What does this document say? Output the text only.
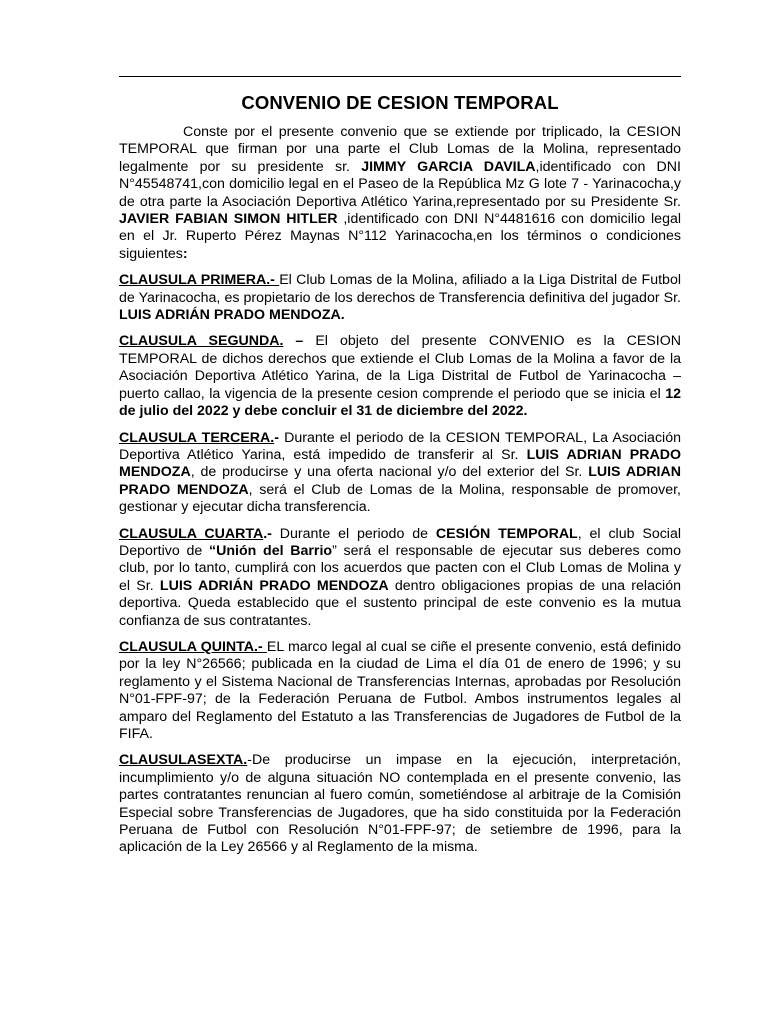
CONVENIO DE CESION TEMPORAL

Conste por el presente convenio que se extiende por triplicado, la CESION TEMPORAL que firman por una parte el Club Lomas de la Molina, representado legalmente por su presidente sr. JIMMY GARCIA DAVILA,identificado con DNI N°45548741,con domicilio legal en el Paseo de la República Mz G lote 7 - Yarinacocha,y de otra parte la Asociación Deportiva Atlético Yarina,representado por su Presidente Sr. JAVIER FABIAN SIMON HITLER ,identificado con DNI N°4481616 con domicilio legal en el Jr. Ruperto Pérez Maynas N°112 Yarinacocha,en los términos o condiciones siguientes:

CLAUSULA PRIMERA.- El Club Lomas de la Molina, afiliado a la Liga Distrital de Futbol de Yarinacocha, es propietario de los derechos de Transferencia definitiva del jugador Sr. LUIS ADRIÁN PRADO MENDOZA.

CLAUSULA SEGUNDA. – El objeto del presente CONVENIO es la CESION TEMPORAL de dichos derechos que extiende el Club Lomas de la Molina a favor de la Asociación Deportiva Atlético Yarina, de la Liga Distrital de Futbol de Yarinacocha – puerto callao, la vigencia de la presente cesion comprende el periodo que se inicia el 12 de julio del 2022 y debe concluir el 31 de diciembre del 2022.

CLAUSULA TERCERA.- Durante el periodo de la CESION TEMPORAL, La Asociación Deportiva Atlético Yarina, está impedido de transferir al Sr. LUIS ADRIAN PRADO MENDOZA, de producirse y una oferta nacional y/o del exterior del Sr. LUIS ADRIAN PRADO MENDOZA, será el Club de Lomas de la Molina, responsable de promover, gestionar y ejecutar dicha transferencia.

CLAUSULA CUARTA.- Durante el periodo de CESIÓN TEMPORAL, el club Social Deportivo de “Unión del Barrio” será el responsable de ejecutar sus deberes como club, por lo tanto, cumplirá con los acuerdos que pacten con el Club Lomas de Molina y el Sr. LUIS ADRIÁN PRADO MENDOZA dentro obligaciones propias de una relación deportiva. Queda establecido que el sustento principal de este convenio es la mutua confianza de sus contratantes.

CLAUSULA QUINTA.- EL marco legal al cual se ciñe el presente convenio, está definido por la ley N°26566; publicada en la ciudad de Lima el día 01 de enero de 1996; y su reglamento y el Sistema Nacional de Transferencias Internas, aprobadas por Resolución N°01-FPF-97; de la Federación Peruana de Futbol. Ambos instrumentos legales al amparo del Reglamento del Estatuto a las Transferencias de Jugadores de Futbol de la FIFA.

CLAUSULASEXTA.-De producirse un impase en la ejecución, interpretación, incumplimiento y/o de alguna situación NO contemplada en el presente convenio, las partes contratantes renuncian al fuero común, sometiéndose al arbitraje de la Comisión Especial sobre Transferencias de Jugadores, que ha sido constituida por la Federación Peruana de Futbol con Resolución N°01-FPF-97; de setiembre de 1996, para la aplicación de la Ley 26566 y al Reglamento de la misma.
